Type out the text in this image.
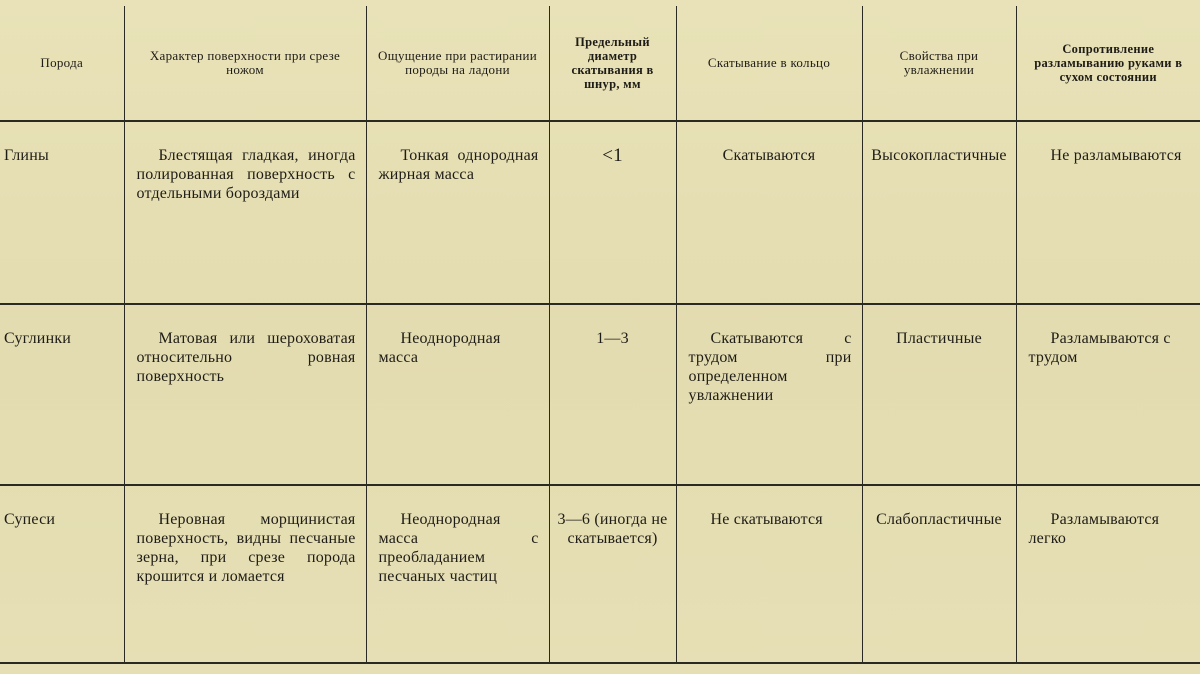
Порода	Характер поверхности при срезе ножом	Ощущение при растирании породы на ладони	Предельный диаметр скатывания в шнур, мм	Скатывание в кольцо	Свойства при увлажнении	Сопротивление разламыванию руками в сухом состоянии
Глины	Блестящая гладкая, иногда полированная поверхность с отдельными бороздами	Тонкая однородная жирная масса	<1	Скатываются	Высокопластичные	Не разламываются

Суглинки	Матовая или шероховатая относительно ровная поверхность	Неоднородная масса	1—3	Скатываются с трудом при определенном увлажнении	Пластичные	Разламываются с трудом

Супеси	Неровная морщинистая поверхность, видны песчаные зерна, при срезе порода крошится и ломается	Неоднородная масса с преобладанием песчаных частиц	3—6 (иногда не скатывается)	Не скатываются	Слабопластичные	Разламываются легко
